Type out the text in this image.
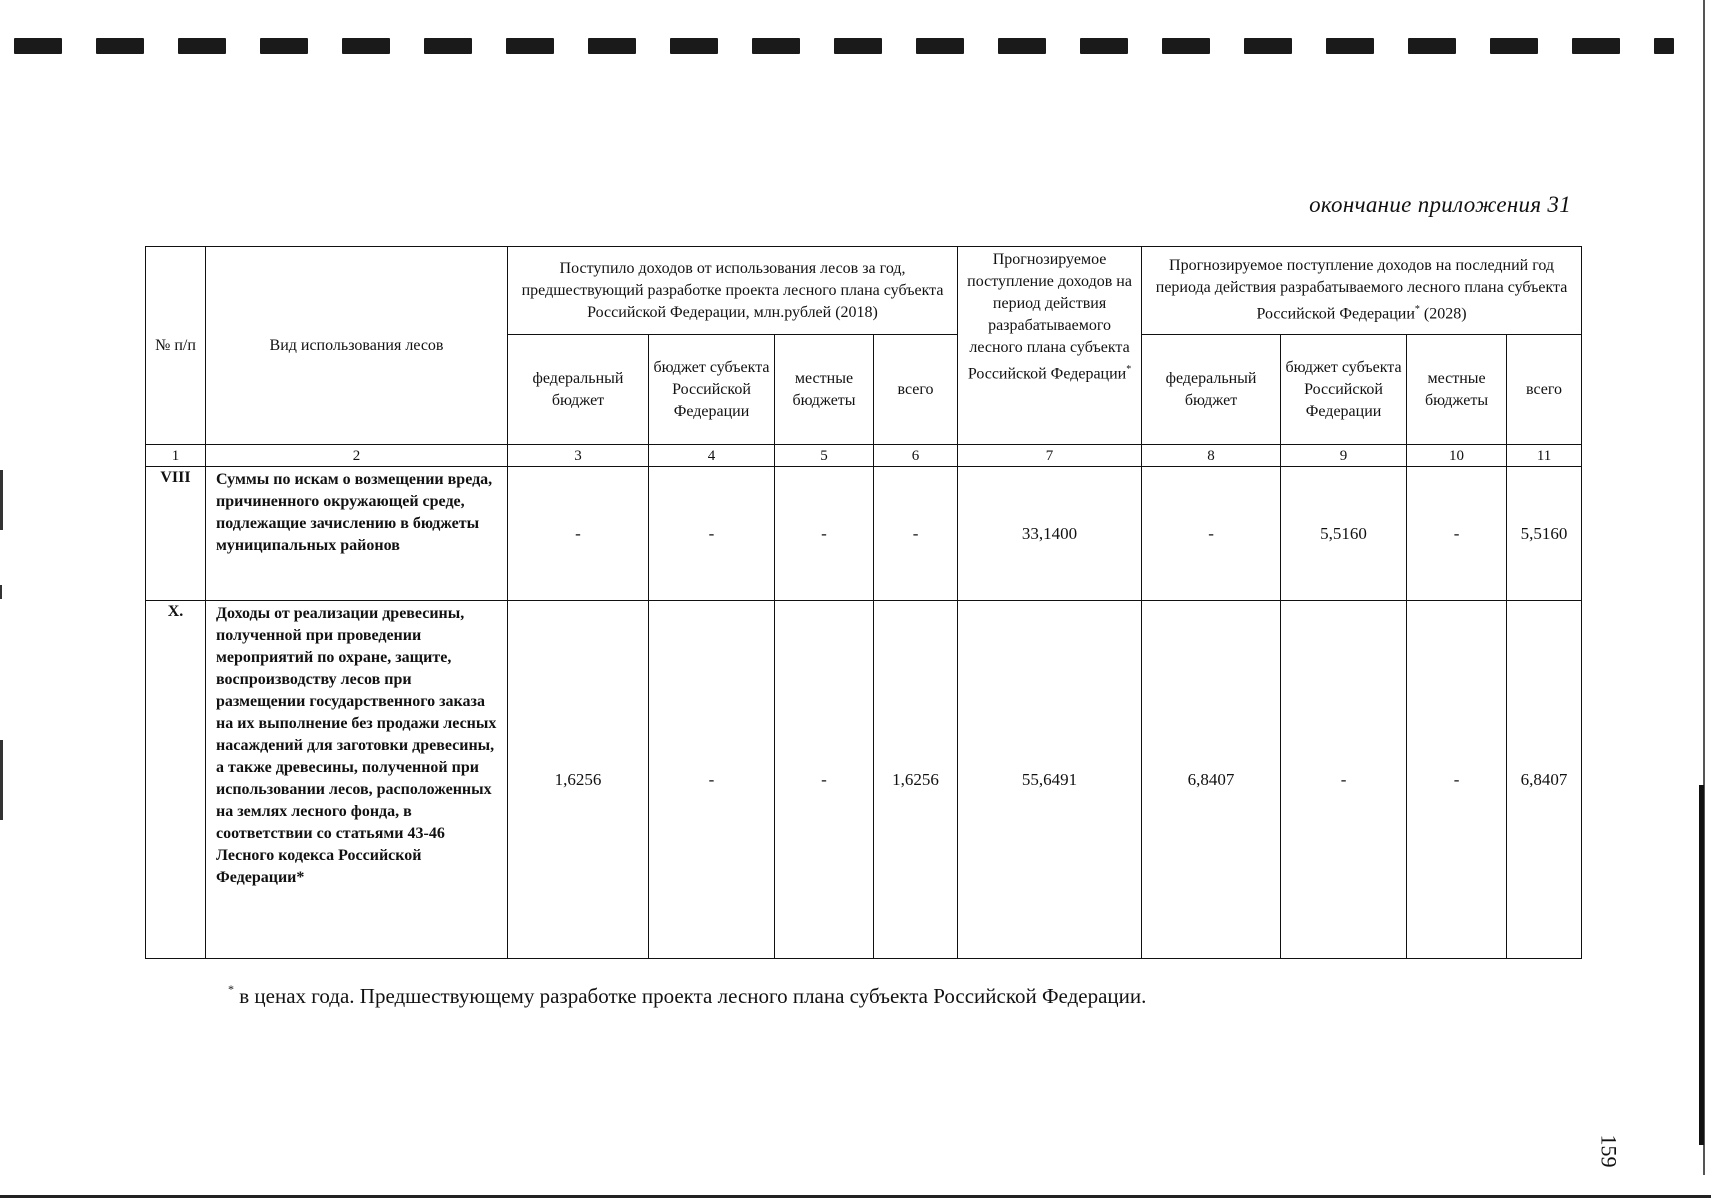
окончание приложения 31
№ п/п	Вид использования лесов	Поступило доходов от использования лесов за год, предшествующий разработке проекта лесного плана субъекта Российской Федерации, млн.рублей (2018)				Прогнозируемое поступление доходов на период действия разрабатываемого лесного плана субъекта Российской Федерации*	Прогнозируемое поступление доходов на последний год периода действия разрабатываемого лесного плана субъекта Российской Федерации* (2028)			
		федеральный бюджет	бюджет субъекта Российской Федерации	местные бюджеты	всего		федеральный бюджет	бюджет субъекта Российской Федерации	местные бюджеты	всего
1	2	3	4	5	6	7	8	9	10	11
VIII	Суммы по искам о возмещении вреда, причиненного окружающей среде, подлежащие зачислению в бюджеты муниципальных районов	-	-	-	-	33,1400	-	5,5160	-	5,5160
X.	Доходы от реализации древесины, полученной при проведении мероприятий по охране, защите, воспроизводству лесов при размещении государственного заказа на их выполнение без продажи лесных насаждений для заготовки древесины, а также древесины, полученной при использовании лесов, расположенных на землях лесного фонда, в соответствии со статьями 43-46 Лесного кодекса Российской Федерации*	1,6256	-	-	1,6256	55,6491	6,8407	-	-	6,8407
* в ценах года. Предшествующему разработке проекта лесного плана субъекта Российской Федерации.
159
